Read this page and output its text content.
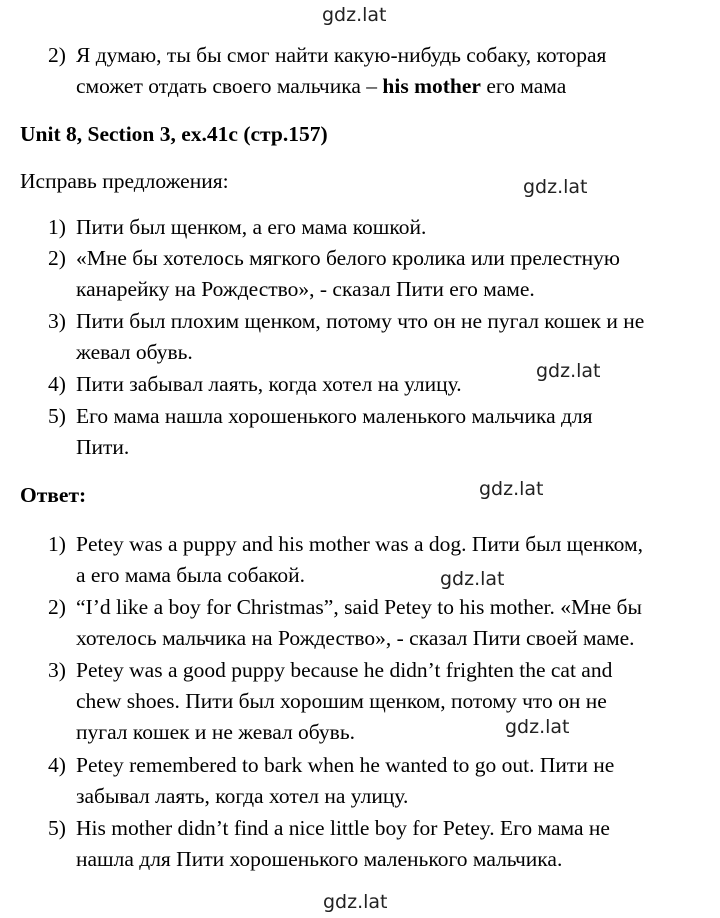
gdz.lat
gdz.lat
gdz.lat
gdz.lat
gdz.lat
gdz.lat
gdz.lat
2) Я думаю, ты бы смог найти какую-нибудь собаку, которая
сможет отдать своего мальчика – his mother его мама
Unit 8, Section 3, ex.41c (стр.157)
Исправь предложения:
1) Пити был щенком, а его мама кошкой.
2) «Мне бы хотелось мягкого белого кролика или прелестную
канарейку на Рождество», - сказал Пити его маме.
3) Пити был плохим щенком, потому что он не пугал кошек и не
жевал обувь.
4) Пити забывал лаять, когда хотел на улицу.
5) Его мама нашла хорошенького маленького мальчика для
Пити.
Ответ:
1) Petey was a puppy and his mother was a dog. Пити был щенком,
а его мама была собакой.
2) “I’d like a boy for Christmas”, said Petey to his mother. «Мне бы
хотелось мальчика на Рождество», - сказал Пити своей маме.
3) Petey was a good puppy because he didn’t frighten the cat and
chew shoes. Пити был хорошим щенком, потому что он не
пугал кошек и не жевал обувь.
4) Petey remembered to bark when he wanted to go out. Пити не
забывал лаять, когда хотел на улицу.
5) His mother didn’t find a nice little boy for Petey. Его мама не
нашла для Пити хорошенького маленького мальчика.
